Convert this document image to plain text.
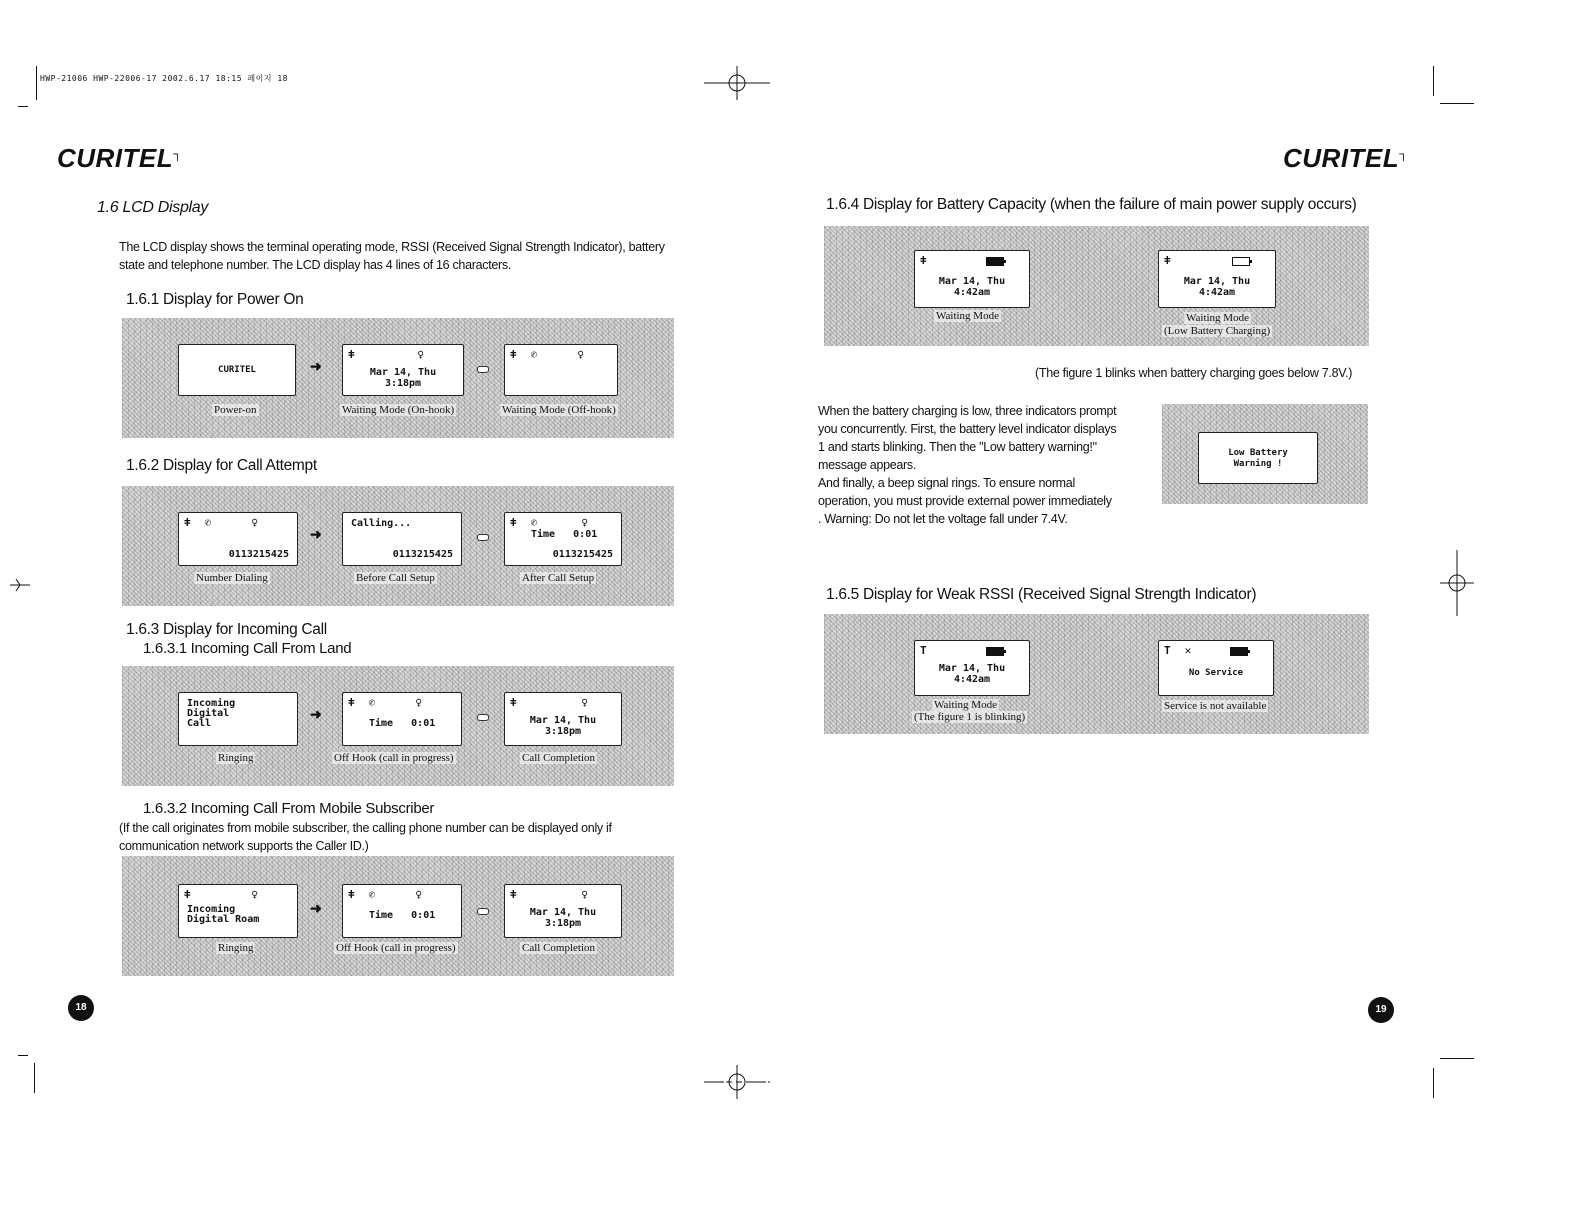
HWP-21006 HWP-22006-17 2002.6.17 18:15 페이지 18
CURITEL┐	CURITEL┐
1.6 LCD Display
The LCD display shows the terminal operating mode, RSSI (Received Signal Strength Indicator), battery state and telephone number. The LCD display has 4 lines of 16 characters.
1.6.1 Display for Power On
CURITEL
Power-on
➜
ǂ	♀
Mar 14, Thu
3:18pm
Waiting Mode (On-hook)
ǂ ✆	♀
Waiting Mode (Off-hook)
1.6.2 Display for Call Attempt
ǂ ✆	♀
0113215425
Number Dialing
➜
Calling...
0113215425
Before Call Setup
ǂ ✆	♀
Time 0:01
0113215425
After Call Setup
1.6.3 Display for Incoming Call
1.6.3.1 Incoming Call From Land
Incoming
Digital
Call
Ringing
➜
ǂ ✆	♀
Time 0:01
Off Hook (call in progress)
ǂ	♀
Mar 14, Thu
3:18pm
Call Completion
1.6.3.2 Incoming Call From Mobile Subscriber
(If the call originates from mobile subscriber, the calling phone number can be displayed only if communication network supports the Caller ID.)
ǂ	♀
Incoming
Digital Roam
Ringing
➜
ǂ ✆	♀
Time 0:01
Off Hook (call in progress)
ǂ	♀
Mar 14, Thu
3:18pm
Call Completion
18
1.6.4 Display for Battery Capacity (when the failure of main power supply occurs)
ǂ
Mar 14, Thu
4:42am
Waiting Mode
ǂ
Mar 14, Thu
4:42am
Waiting Mode
(Low Battery Charging)
(The figure 1 blinks when battery charging goes below 7.8V.)
When the battery charging is low, three indicators prompt
you concurrently. First, the battery level indicator displays
1 and starts blinking. Then the "Low battery warning!"
message appears.
And finally, a beep signal rings. To ensure normal
operation, you must provide external power immediately
. Warning: Do not let the voltage fall under 7.4V.
Low Battery
Warning !
1.6.5 Display for Weak RSSI (Received Signal Strength Indicator)
T
Mar 14, Thu
4:42am
Waiting Mode
(The figure 1 is blinking)
T ✕
No Service
Service is not available
19
